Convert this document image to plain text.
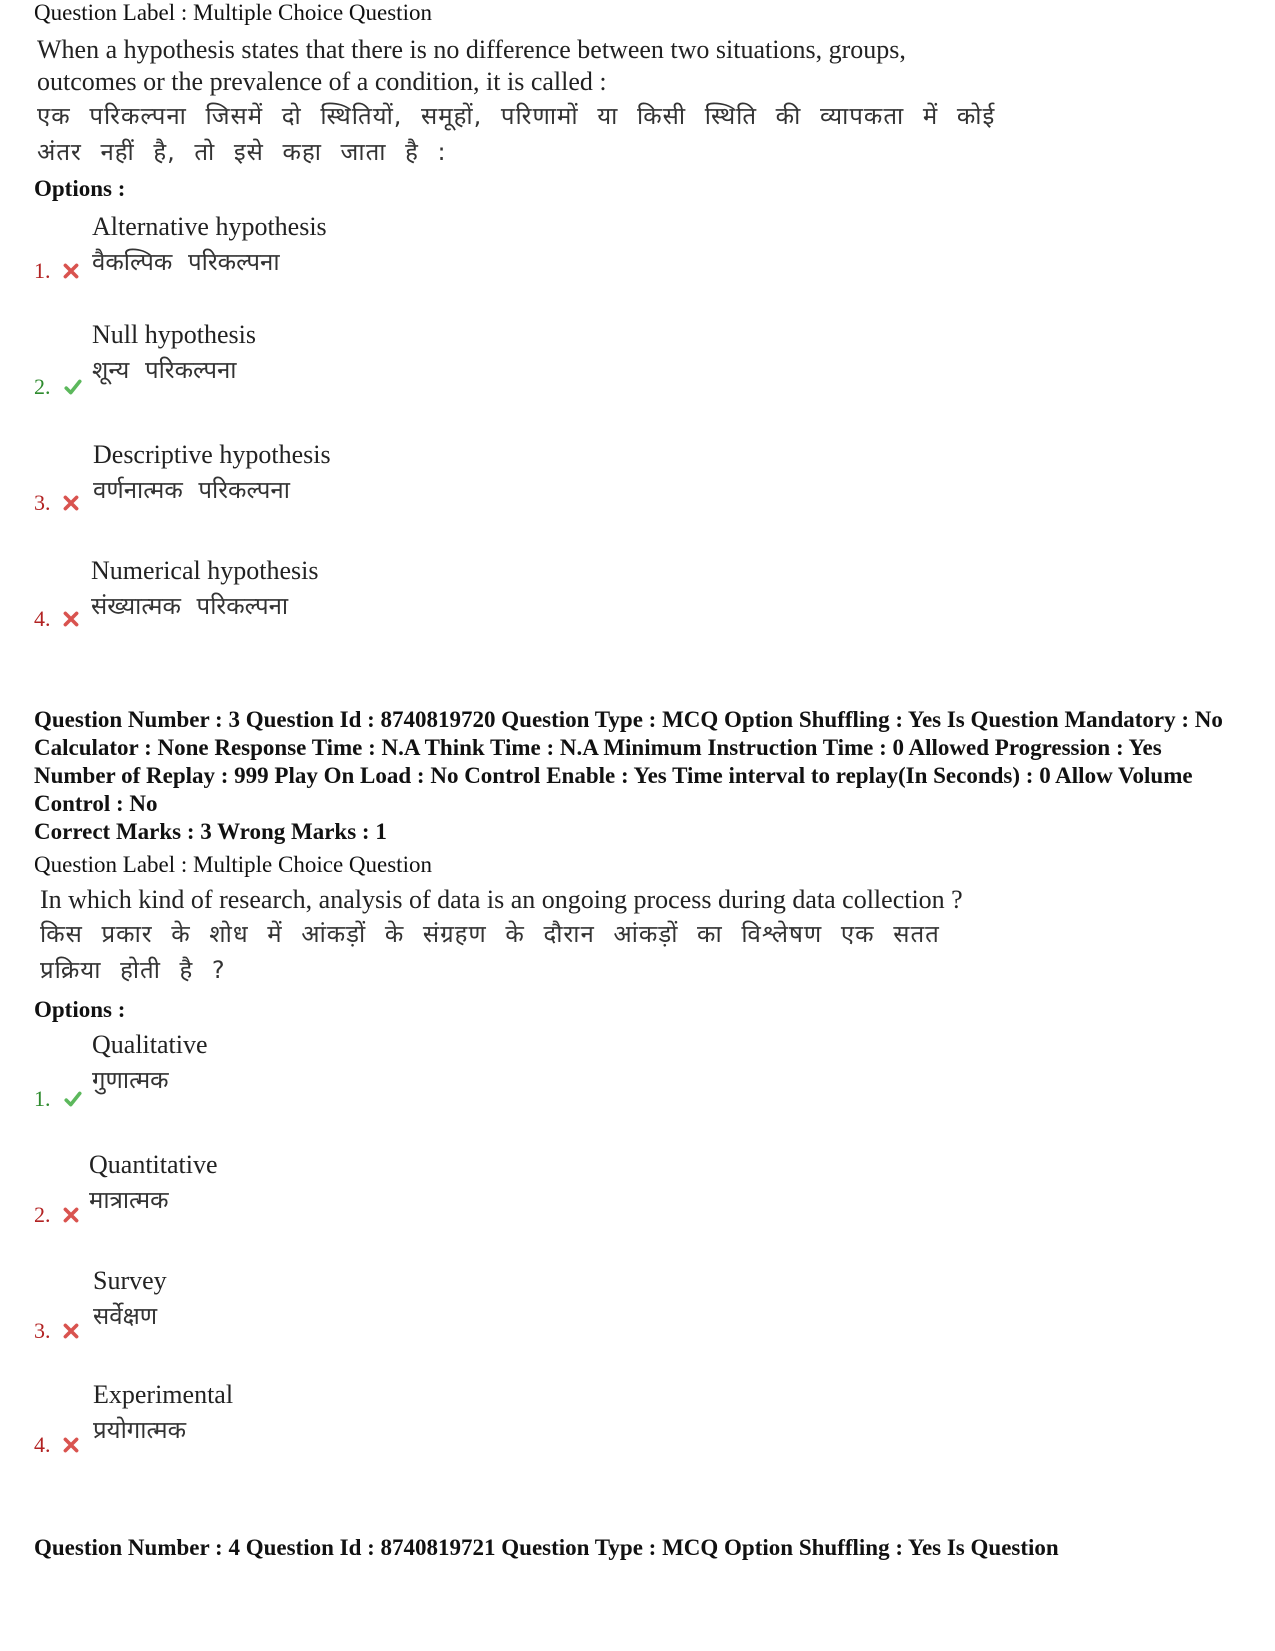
Question Label : Multiple Choice Question
When a hypothesis states that there is no difference between two situations, groups, outcomes or the prevalence of a condition, it is called :
एक परिकल्पना जिसमें दो स्थितियों, समूहों, परिणामों या किसी स्थिति की व्यापकता में कोई अंतर नहीं है, तो इसे कहा जाता है :
Options :
Alternative hypothesis
वैकल्पिक परिकल्पना
1.
Null hypothesis
शून्य परिकल्पना
2.
Descriptive hypothesis
वर्णनात्मक परिकल्पना
3.
Numerical hypothesis
संख्यात्मक परिकल्पना
4.
Question Number : 3 Question Id : 8740819720 Question Type : MCQ Option Shuffling : Yes Is Question Mandatory : No Calculator : None Response Time : N.A Think Time : N.A Minimum Instruction Time : 0 Allowed Progression : Yes Number of Replay : 999 Play On Load : No Control Enable : Yes Time interval to replay(In Seconds) : 0 Allow Volume Control : No
Correct Marks : 3 Wrong Marks : 1
Question Label : Multiple Choice Question
In which kind of research, analysis of data is an ongoing process during data collection ?
किस प्रकार के शोध में आंकड़ों के संग्रहण के दौरान आंकड़ों का विश्लेषण एक सतत प्रक्रिया होती है ?
Options :
Qualitative
गुणात्मक
1.
Quantitative
मात्रात्मक
2.
Survey
सर्वेक्षण
3.
Experimental
प्रयोगात्मक
4.
Question Number : 4 Question Id : 8740819721 Question Type : MCQ Option Shuffling : Yes Is Question
